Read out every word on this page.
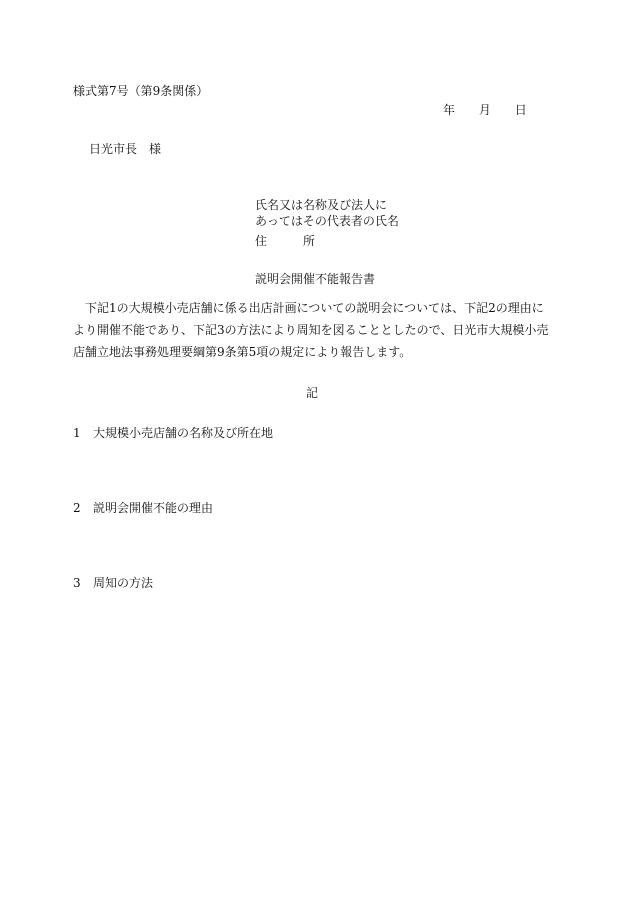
様式第7号（第9条関係）
年 月 日
日光市長　様
氏名又は名称及び法人に
あってはその代表者の氏名
住　　　所
説明会開催不能報告書
下記1の大規模小売店舗に係る出店計画についての説明会については、下記2の理由により開催不能であり、下記3の方法により周知を図ることとしたので、日光市大規模小売店舗立地法事務処理要綱第9条第5項の規定により報告します。
記
1 大規模小売店舗の名称及び所在地
2 説明会開催不能の理由
3 周知の方法
